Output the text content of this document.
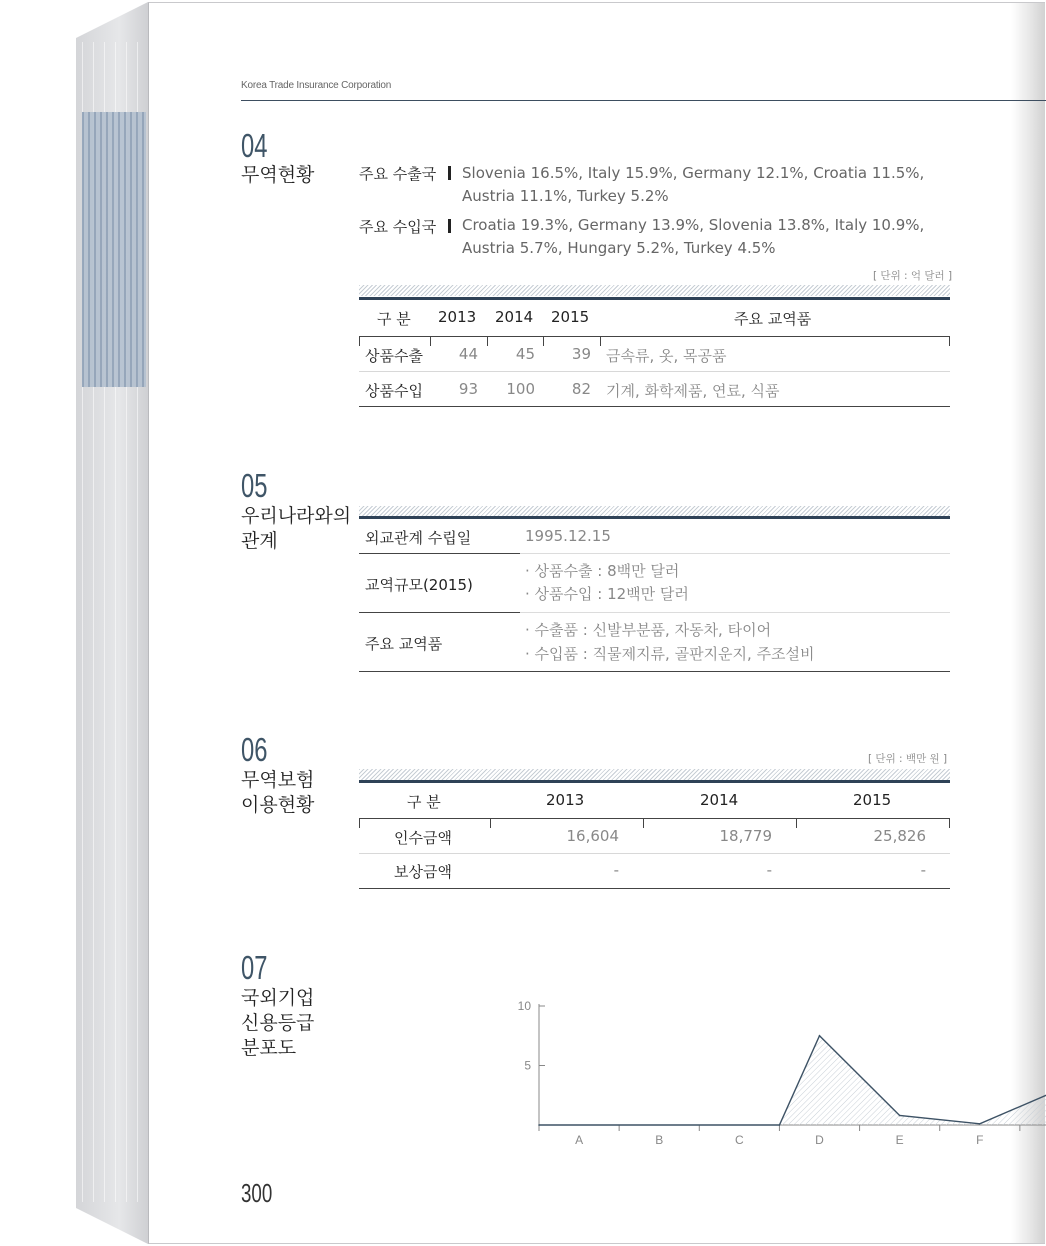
Korea Trade Insurance Corporation
04
무역현황	주요 수출국 Slovenia 16.5%, Italy 15.9%, Germany 12.1%, Croatia 11.5%, Austria 11.1%, Turkey 5.2%
주요 수입국 Croatia 19.3%, Germany 13.9%, Slovenia 13.8%, Italy 10.9%, Austria 5.7%, Hungary 5.2%, Turkey 4.5%
[ 단위 : 억 달러 ]
구 분 2013 2014 2015	주요 교역품
상품수출	44	45	39 금속류, 옷, 목공품
상품수입	93	100	82 기계, 화학제품, 연료, 식품
05
우리나라와의
관계	외교관계 수립일	1995.12.15
교역규모(2015)
· 상품수출 : 8백만 달러
· 상품수입 : 12백만 달러
주요 교역품
· 수출품 : 신발부분품, 자동차, 타이어
· 수입품 : 직물제지류, 골판지운지, 주조설비
06
무역보험
이용현황
[ 단위 : 백만 원 ]
구 분	2013	2014	2015
인수금액	16,604	18,779	25,826
보상금액	-	-	-
07
국외기업
신용등급
분포도
5
10
A	B	C	D	E	F
300
